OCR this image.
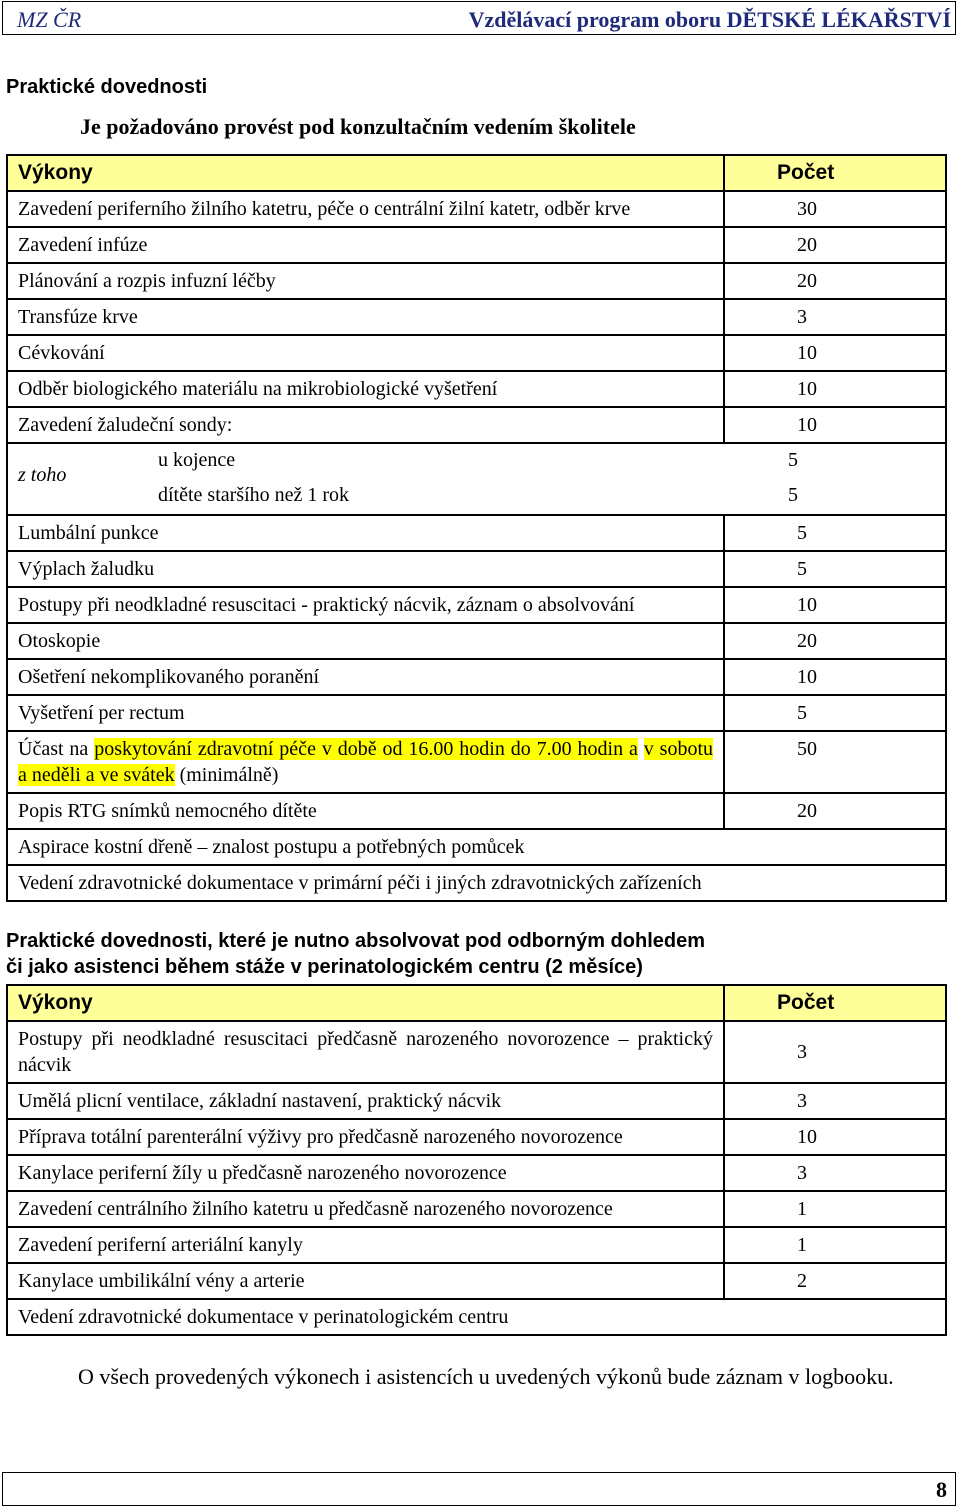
MZ ČR	Vzdělávací program oboru DĚTSKÉ LÉKAŘSTVÍ
Praktické dovednosti
Je požadováno provést pod konzultačním vedením školitele
Výkony	Počet
Zavedení periferního žilního katetru, péče o centrální žilní katetr, odběr krve	30
Zavedení infúze	20
Plánování a rozpis infuzní léčby	20
Transfúze krve	3
Cévkování	10
Odběr biologického materiálu na mikrobiologické vyšetření	10
Zavedení žaludeční sondy:	10

z toho
u kojence 5
dítěte staršího než 1 rok 5	

Lumbální punkce	5
Výplach žaludku	5
Postupy při neodkladné resuscitaci - praktický nácvik, záznam o absolvování	10
Otoskopie	20
Ošetření nekomplikovaného poranění	10
Vyšetření per rectum	5
Účast na poskytování zdravotní péče v době od 16.00 hodin do 7.00 hodin a v sobotu a neděli a ve svátek (minimálně)	50
Popis RTG snímků nemocného dítěte	20
Aspirace kostní dřeně – znalost postupu a potřebných pomůcek	
Vedení zdravotnické dokumentace v primární péči i jiných zdravotnických zařízeních	
Praktické dovednosti, které je nutno absolvovat pod odborným dohledem
či jako asistenci během stáže v perinatologickém centru (2 měsíce)
Výkony	Počet
Postupy při neodkladné resuscitaci předčasně narozeného novorozence – praktický nácvik	3
Umělá plicní ventilace, základní nastavení, praktický nácvik	3
Příprava totální parenterální výživy pro předčasně narozeného novorozence	10
Kanylace periferní žíly u předčasně narozeného novorozence	3
Zavedení centrálního žilního katetru u předčasně narozeného novorozence	1
Zavedení periferní arteriální kanyly	1
Kanylace umbilikální vény a arterie	2
Vedení zdravotnické dokumentace v perinatologickém centru	
O všech provedených výkonech i asistencích u uvedených výkonů bude záznam v logbooku.
8
